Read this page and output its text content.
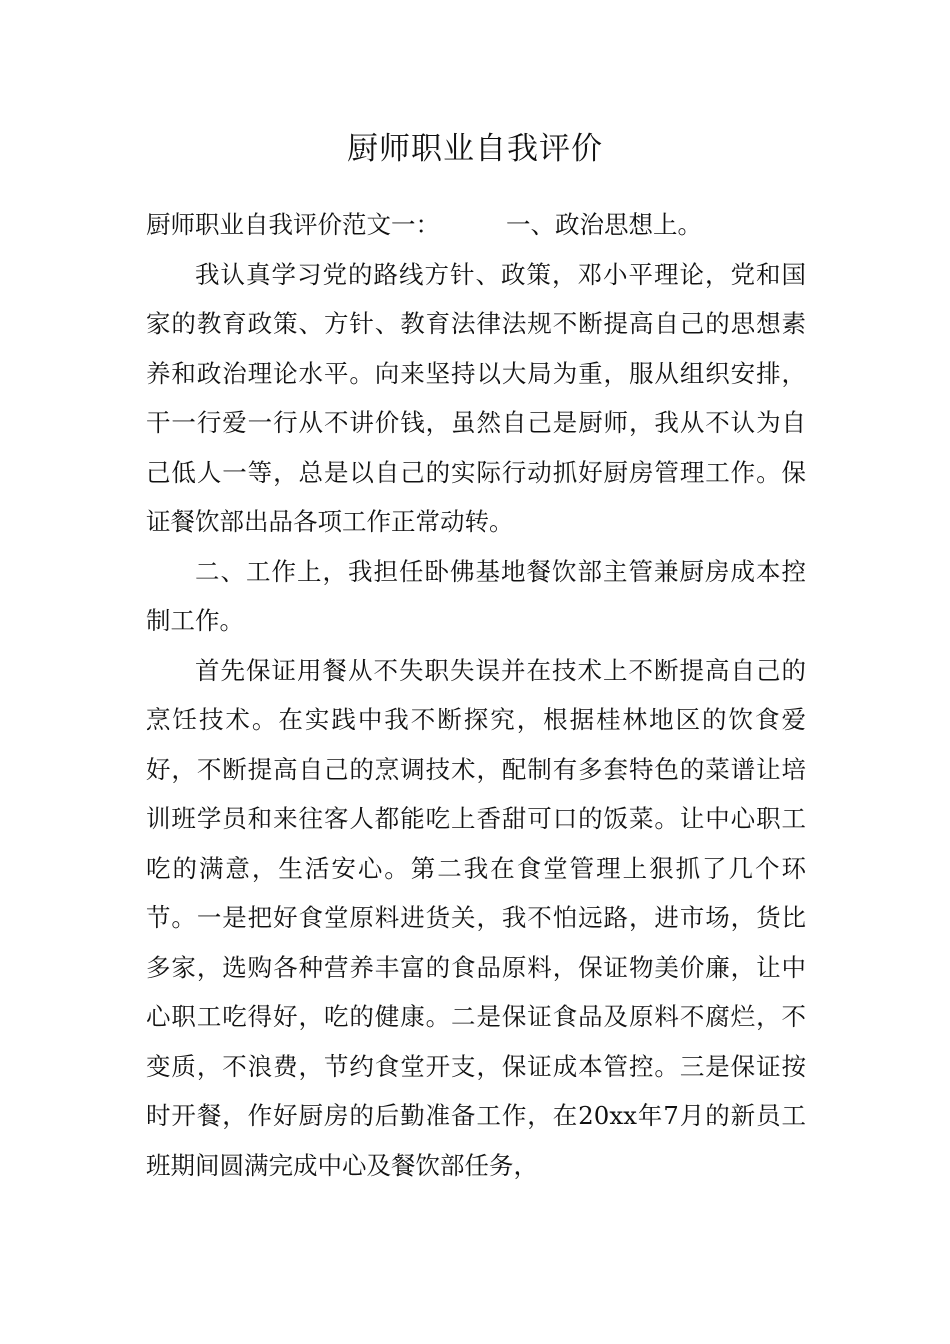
厨师职业自我评价

厨师职业自我评价范文一：	一、政治思想上。

我认真学习党的路线方针、政策，邓小平理论，党和国家的教育政策、方针、教育法律法规不断提高自己的思想素养和政治理论水平。向来坚持以大局为重，服从组织安排，干一行爱一行从不讲价钱，虽然自己是厨师，我从不认为自己低人一等，总是以自己的实际行动抓好厨房管理工作。保证餐饮部出品各项工作正常动转。

二、工作上，我担任卧佛基地餐饮部主管兼厨房成本控制工作。

首先保证用餐从不失职失误并在技术上不断提高自己的烹饪技术。在实践中我不断探究，根据桂林地区的饮食爱好，不断提高自己的烹调技术，配制有多套特色的菜谱让培训班学员和来往客人都能吃上香甜可口的饭菜。让中心职工吃的满意，生活安心。第二我在食堂管理上狠抓了几个环节。一是把好食堂原料进货关，我不怕远路，进市场，货比多家，选购各种营养丰富的食品原料，保证物美价廉，让中心职工吃得好，吃的健康。二是保证食品及原料不腐烂，不变质，不浪费，节约食堂开支，保证成本管控。三是保证按时开餐，作好厨房的后勤准备工作，在20xx年7月的新员工班期间圆满完成中心及餐饮部任务，
